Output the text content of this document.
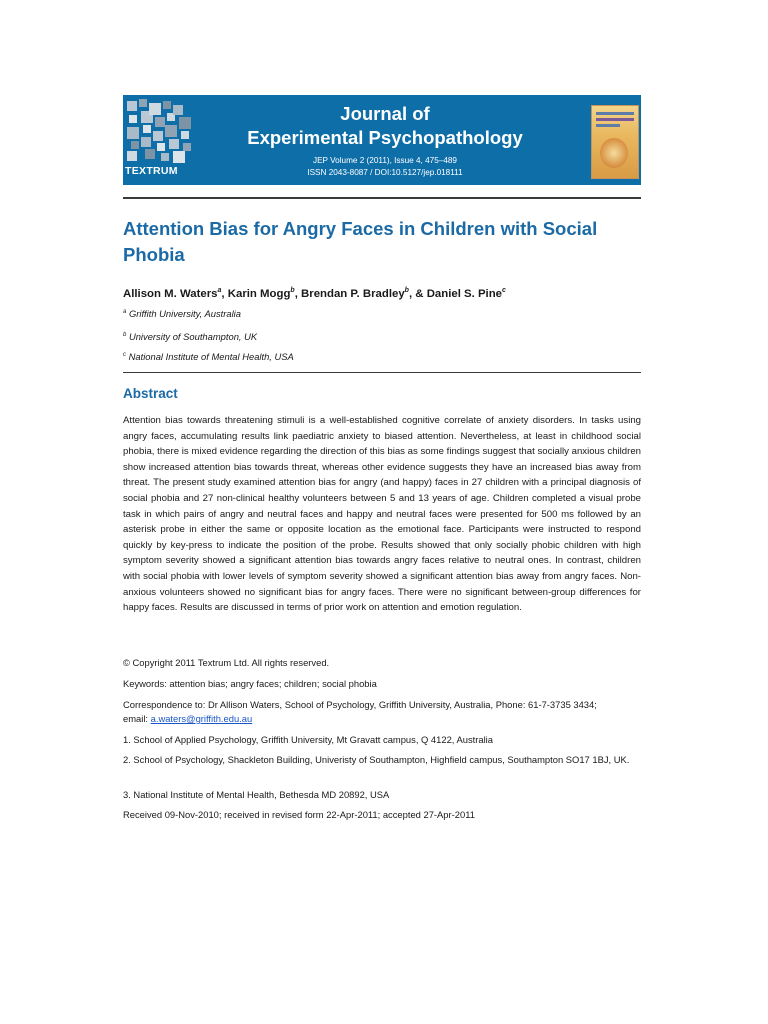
TEXTRUM
Journal of
Experimental Psychopathology
JEP Volume 2 (2011), Issue 4, 475–489
ISSN 2043-8087 / DOI:10.5127/jep.018111
Attention Bias for Angry Faces in Children with Social Phobia
Allison M. Waters$^a$, Karin Mogg$^b$, Brendan P. Bradley$^b$, & Daniel S. Pine$^c$
$^a$ Griffith University, Australia
$^b$ University of Southampton, UK
$^c$ National Institute of Mental Health, USA
Abstract
Attention bias towards threatening stimuli is a well-established cognitive correlate of anxiety disorders. In tasks using angry faces, accumulating results link paediatric anxiety to biased attention. Nevertheless, at least in childhood social phobia, there is mixed evidence regarding the direction of this bias as some findings suggest that socially anxious children show increased attention bias towards threat, whereas other evidence suggests they have an increased bias away from threat. The present study examined attention bias for angry (and happy) faces in 27 children with a principal diagnosis of social phobia and 27 non-clinical healthy volunteers between 5 and 13 years of age. Children completed a visual probe task in which pairs of angry and neutral faces and happy and neutral faces were presented for 500 ms followed by an asterisk probe in either the same or opposite location as the emotional face. Participants were instructed to respond quickly by key-press to indicate the position of the probe. Results showed that only socially phobic children with high symptom severity showed a significant attention bias towards angry faces relative to neutral ones. In contrast, children with social phobia with lower levels of symptom severity showed a significant attention bias away from angry faces. Non-anxious volunteers showed no significant bias for angry faces. There were no significant between-group differences for happy faces. Results are discussed in terms of prior work on attention and emotion regulation.
© Copyright 2011 Textrum Ltd. All rights reserved.
Keywords: attention bias; angry faces; children; social phobia
Correspondence to: Dr Allison Waters, School of Psychology, Griffith University, Australia, Phone: 61-7-3735 3434;
email: a.waters@griffith.edu.au
1. School of Applied Psychology, Griffith University, Mt Gravatt campus, Q 4122, Australia
2. School of Psychology, Shackleton Building, Univeristy of Southampton, Highfield campus, Southampton SO17 1BJ, UK.
3. National Institute of Mental Health, Bethesda MD 20892, USA
Received 09-Nov-2010; received in revised form 22-Apr-2011; accepted 27-Apr-2011
